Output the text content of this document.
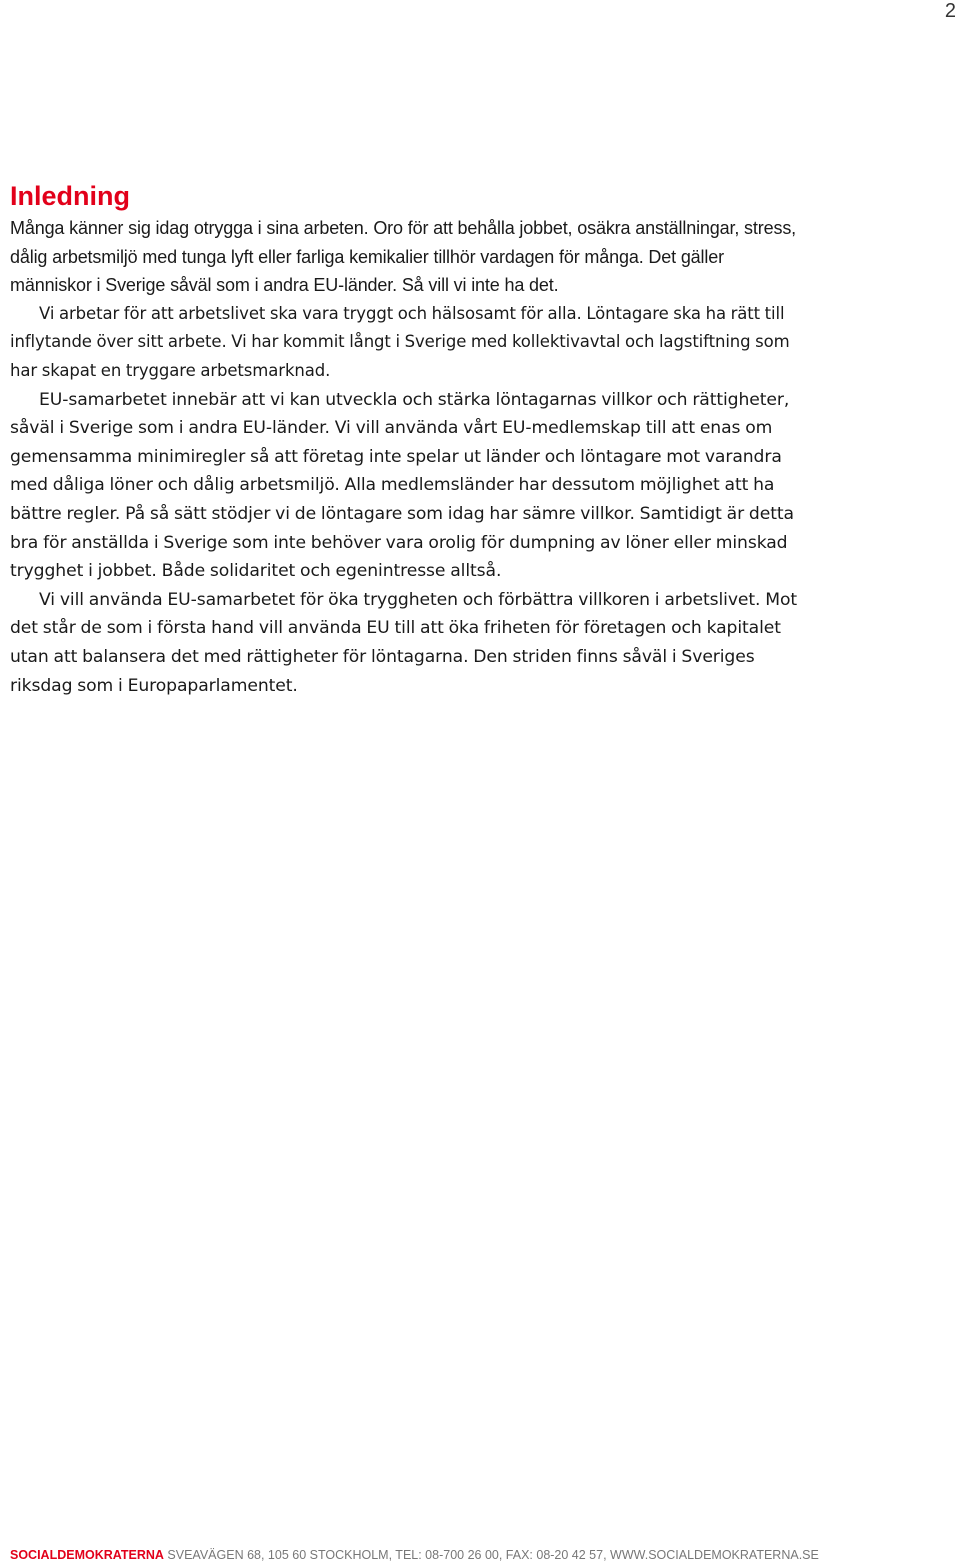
2
Inledning

Många känner sig idag otrygga i sina arbeten. Oro för att behålla jobbet, osäkra anställningar, stress, dålig arbetsmiljö med tunga lyft eller farliga kemikalier tillhör vardagen för många. Det gäller människor i Sverige såväl som i andra EU-länder. Så vill vi inte ha det.

Vi arbetar för att arbetslivet ska vara tryggt och hälsosamt för alla. Löntagare ska ha rätt till inflytande över sitt arbete. Vi har kommit långt i Sverige med kollektivavtal och lagstiftning som har skapat en tryggare arbetsmarknad.

EU-samarbetet innebär att vi kan utveckla och stärka löntagarnas villkor och rättigheter, såväl i Sverige som i andra EU-länder. Vi vill använda vårt EU-medlemskap till att enas om gemensamma minimiregler så att företag inte spelar ut länder och löntagare mot varandra med dåliga löner och dålig arbetsmiljö. Alla medlemsländer har dessutom möjlighet att ha bättre regler. På så sätt stödjer vi de löntagare som idag har sämre villkor. Samtidigt är detta bra för anställda i Sverige som inte behöver vara orolig för dumpning av löner eller minskad trygghet i jobbet. Både solidaritet och egenintresse alltså.

Vi vill använda EU-samarbetet för öka tryggheten och förbättra villkoren i arbetslivet. Mot det står de som i första hand vill använda EU till att öka friheten för företagen och kapitalet utan att balansera det med rättigheter för löntagarna. Den striden finns såväl i Sveriges riksdag som i Europaparlamentet.

SOCIALDEMOKRATERNA SVEAVÄGEN 68, 105 60 STOCKHOLM, TEL: 08-700 26 00, FAX: 08-20 42 57, WWW.SOCIALDEMOKRATERNA.SE
